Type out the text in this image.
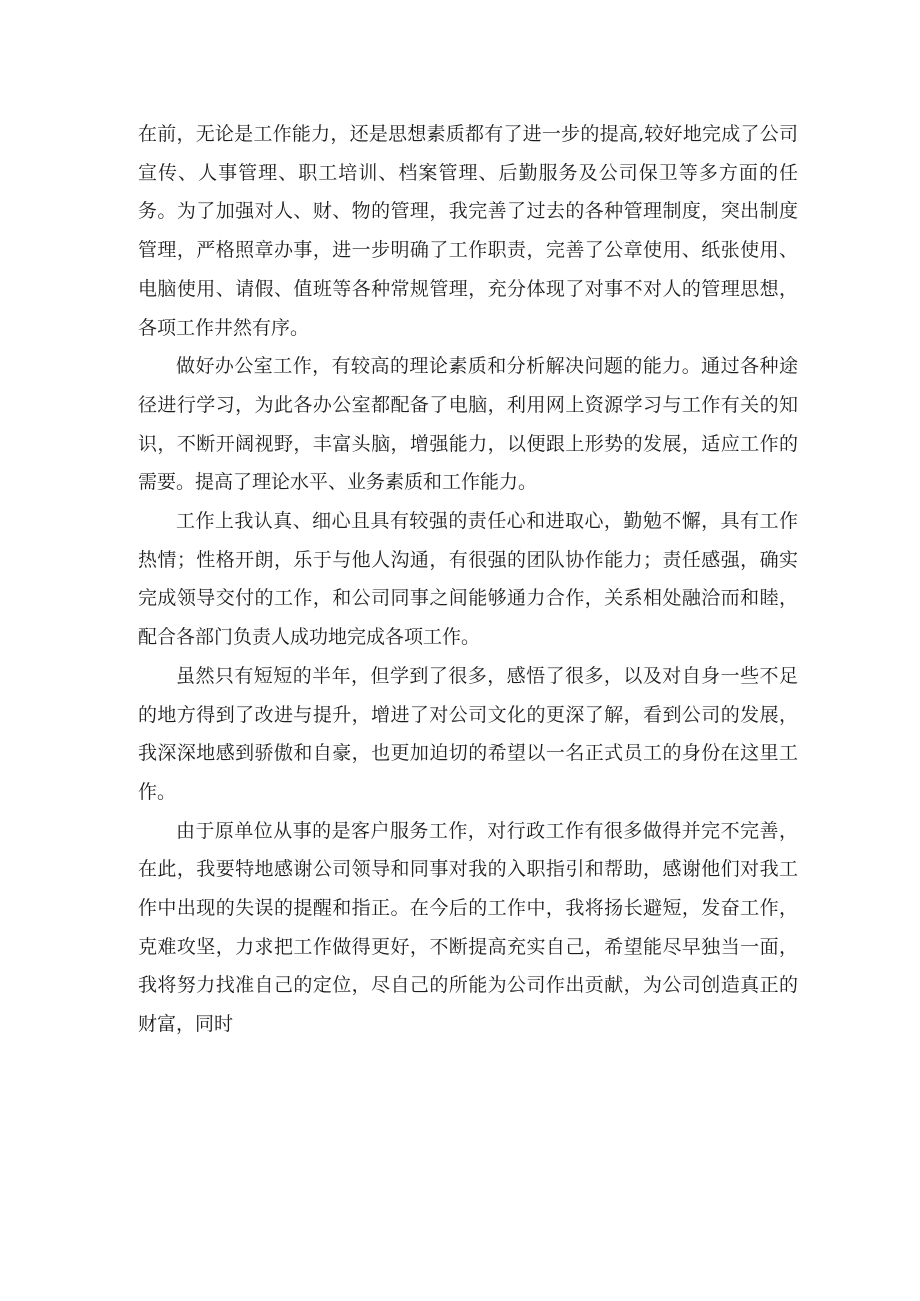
在前，无论是工作能力，还是思想素质都有了进一步的提高,较好地完成了公司宣传、人事管理、职工培训、档案管理、后勤服务及公司保卫等多方面的任务。为了加强对人、财、物的管理，我完善了过去的各种管理制度，突出制度管理，严格照章办事，进一步明确了工作职责，完善了公章使用、纸张使用、电脑使用、请假、值班等各种常规管理，充分体现了对事不对人的管理思想，各项工作井然有序。

做好办公室工作，有较高的理论素质和分析解决问题的能力。通过各种途径进行学习，为此各办公室都配备了电脑，利用网上资源学习与工作有关的知识，不断开阔视野，丰富头脑，增强能力，以便跟上形势的发展，适应工作的需要。提高了理论水平、业务素质和工作能力。

工作上我认真、细心且具有较强的责任心和进取心，勤勉不懈，具有工作热情；性格开朗，乐于与他人沟通，有很强的团队协作能力；责任感强，确实完成领导交付的工作，和公司同事之间能够通力合作，关系相处融洽而和睦，配合各部门负责人成功地完成各项工作。

虽然只有短短的半年，但学到了很多，感悟了很多，以及对自身一些不足的地方得到了改进与提升，增进了对公司文化的更深了解，看到公司的发展，我深深地感到骄傲和自豪，也更加迫切的希望以一名正式员工的身份在这里工作。

由于原单位从事的是客户服务工作，对行政工作有很多做得并完不完善，在此，我要特地感谢公司领导和同事对我的入职指引和帮助，感谢他们对我工作中出现的失误的提醒和指正。在今后的工作中，我将扬长避短，发奋工作，克难攻坚，力求把工作做得更好，不断提高充实自己，希望能尽早独当一面，我将努力找准自己的定位，尽自己的所能为公司作出贡献，为公司创造真正的财富，同时
